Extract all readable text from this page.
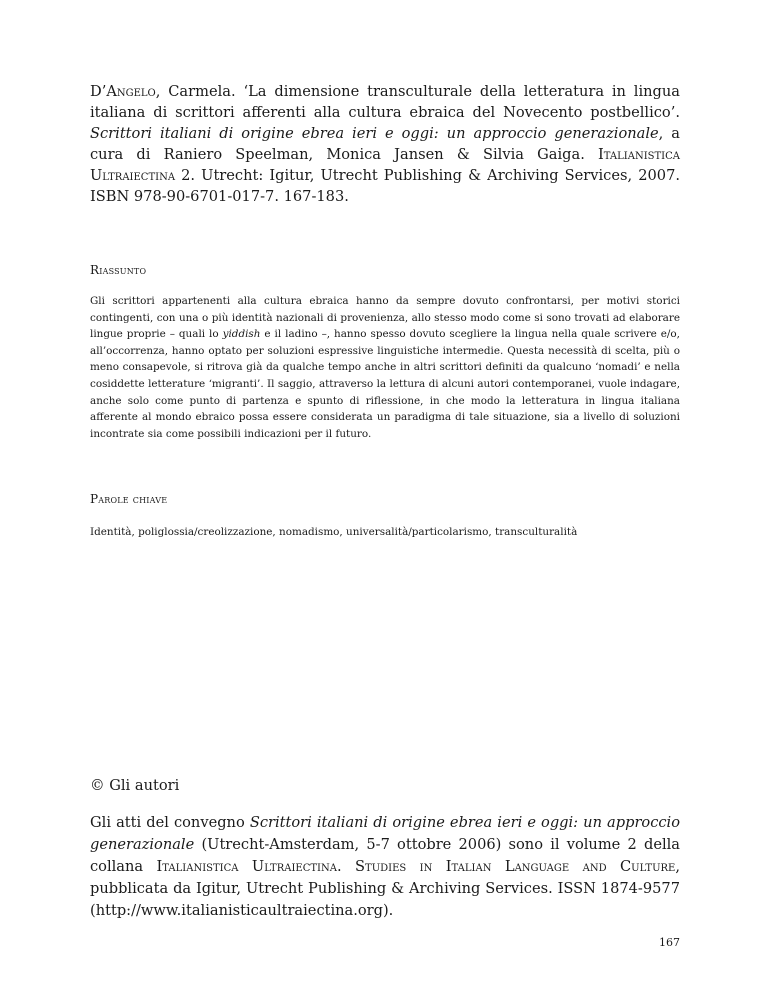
D’Angelo, Carmela. ‘La dimensione transculturale della letteratura in lingua italiana di scrittori afferenti alla cultura ebraica del Novecento postbellico’. Scrittori italiani di origine ebrea ieri e oggi: un approccio generazionale, a cura di Raniero Speelman, Monica Jansen & Silvia Gaiga. Italianistica Ultraiectina 2. Utrecht: Igitur, Utrecht Publishing & Archiving Services, 2007. ISBN 978-90-6701-017-7. 167-183.

Riassunto

Gli scrittori appartenenti alla cultura ebraica hanno da sempre dovuto confrontarsi, per motivi storici contingenti, con una o più identità nazionali di provenienza, allo stesso modo come si sono trovati ad elaborare lingue proprie – quali lo yiddish e il ladino –, hanno spesso dovuto scegliere la lingua nella quale scrivere e/o, all’occorrenza, hanno optato per soluzioni espressive linguistiche intermedie. Questa necessità di scelta, più o meno consapevole, si ritrova già da qualche tempo anche in altri scrittori definiti da qualcuno ‘nomadi’ e nella cosiddette letterature ‘migranti’. Il saggio, attraverso la lettura di alcuni autori contemporanei, vuole indagare, anche solo come punto di partenza e spunto di riflessione, in che modo la letteratura in lingua italiana afferente al mondo ebraico possa essere considerata un paradigma di tale situazione, sia a livello di soluzioni incontrate sia come possibili indicazioni per il futuro.

Parole chiave
Identità, poliglossia/creolizzazione, nomadismo, universalità/particolarismo, transculturalità
© Gli autori

Gli atti del convegno Scrittori italiani di origine ebrea ieri e oggi: un approccio generazionale (Utrecht-Amsterdam, 5-7 ottobre 2006) sono il volume 2 della collana Italianistica Ultraiectina. Studies in Italian Language and Culture, pubblicata da Igitur, Utrecht Publishing & Archiving Services. ISSN 1874-9577 (http://www.italianisticaultraiectina.org).

167
